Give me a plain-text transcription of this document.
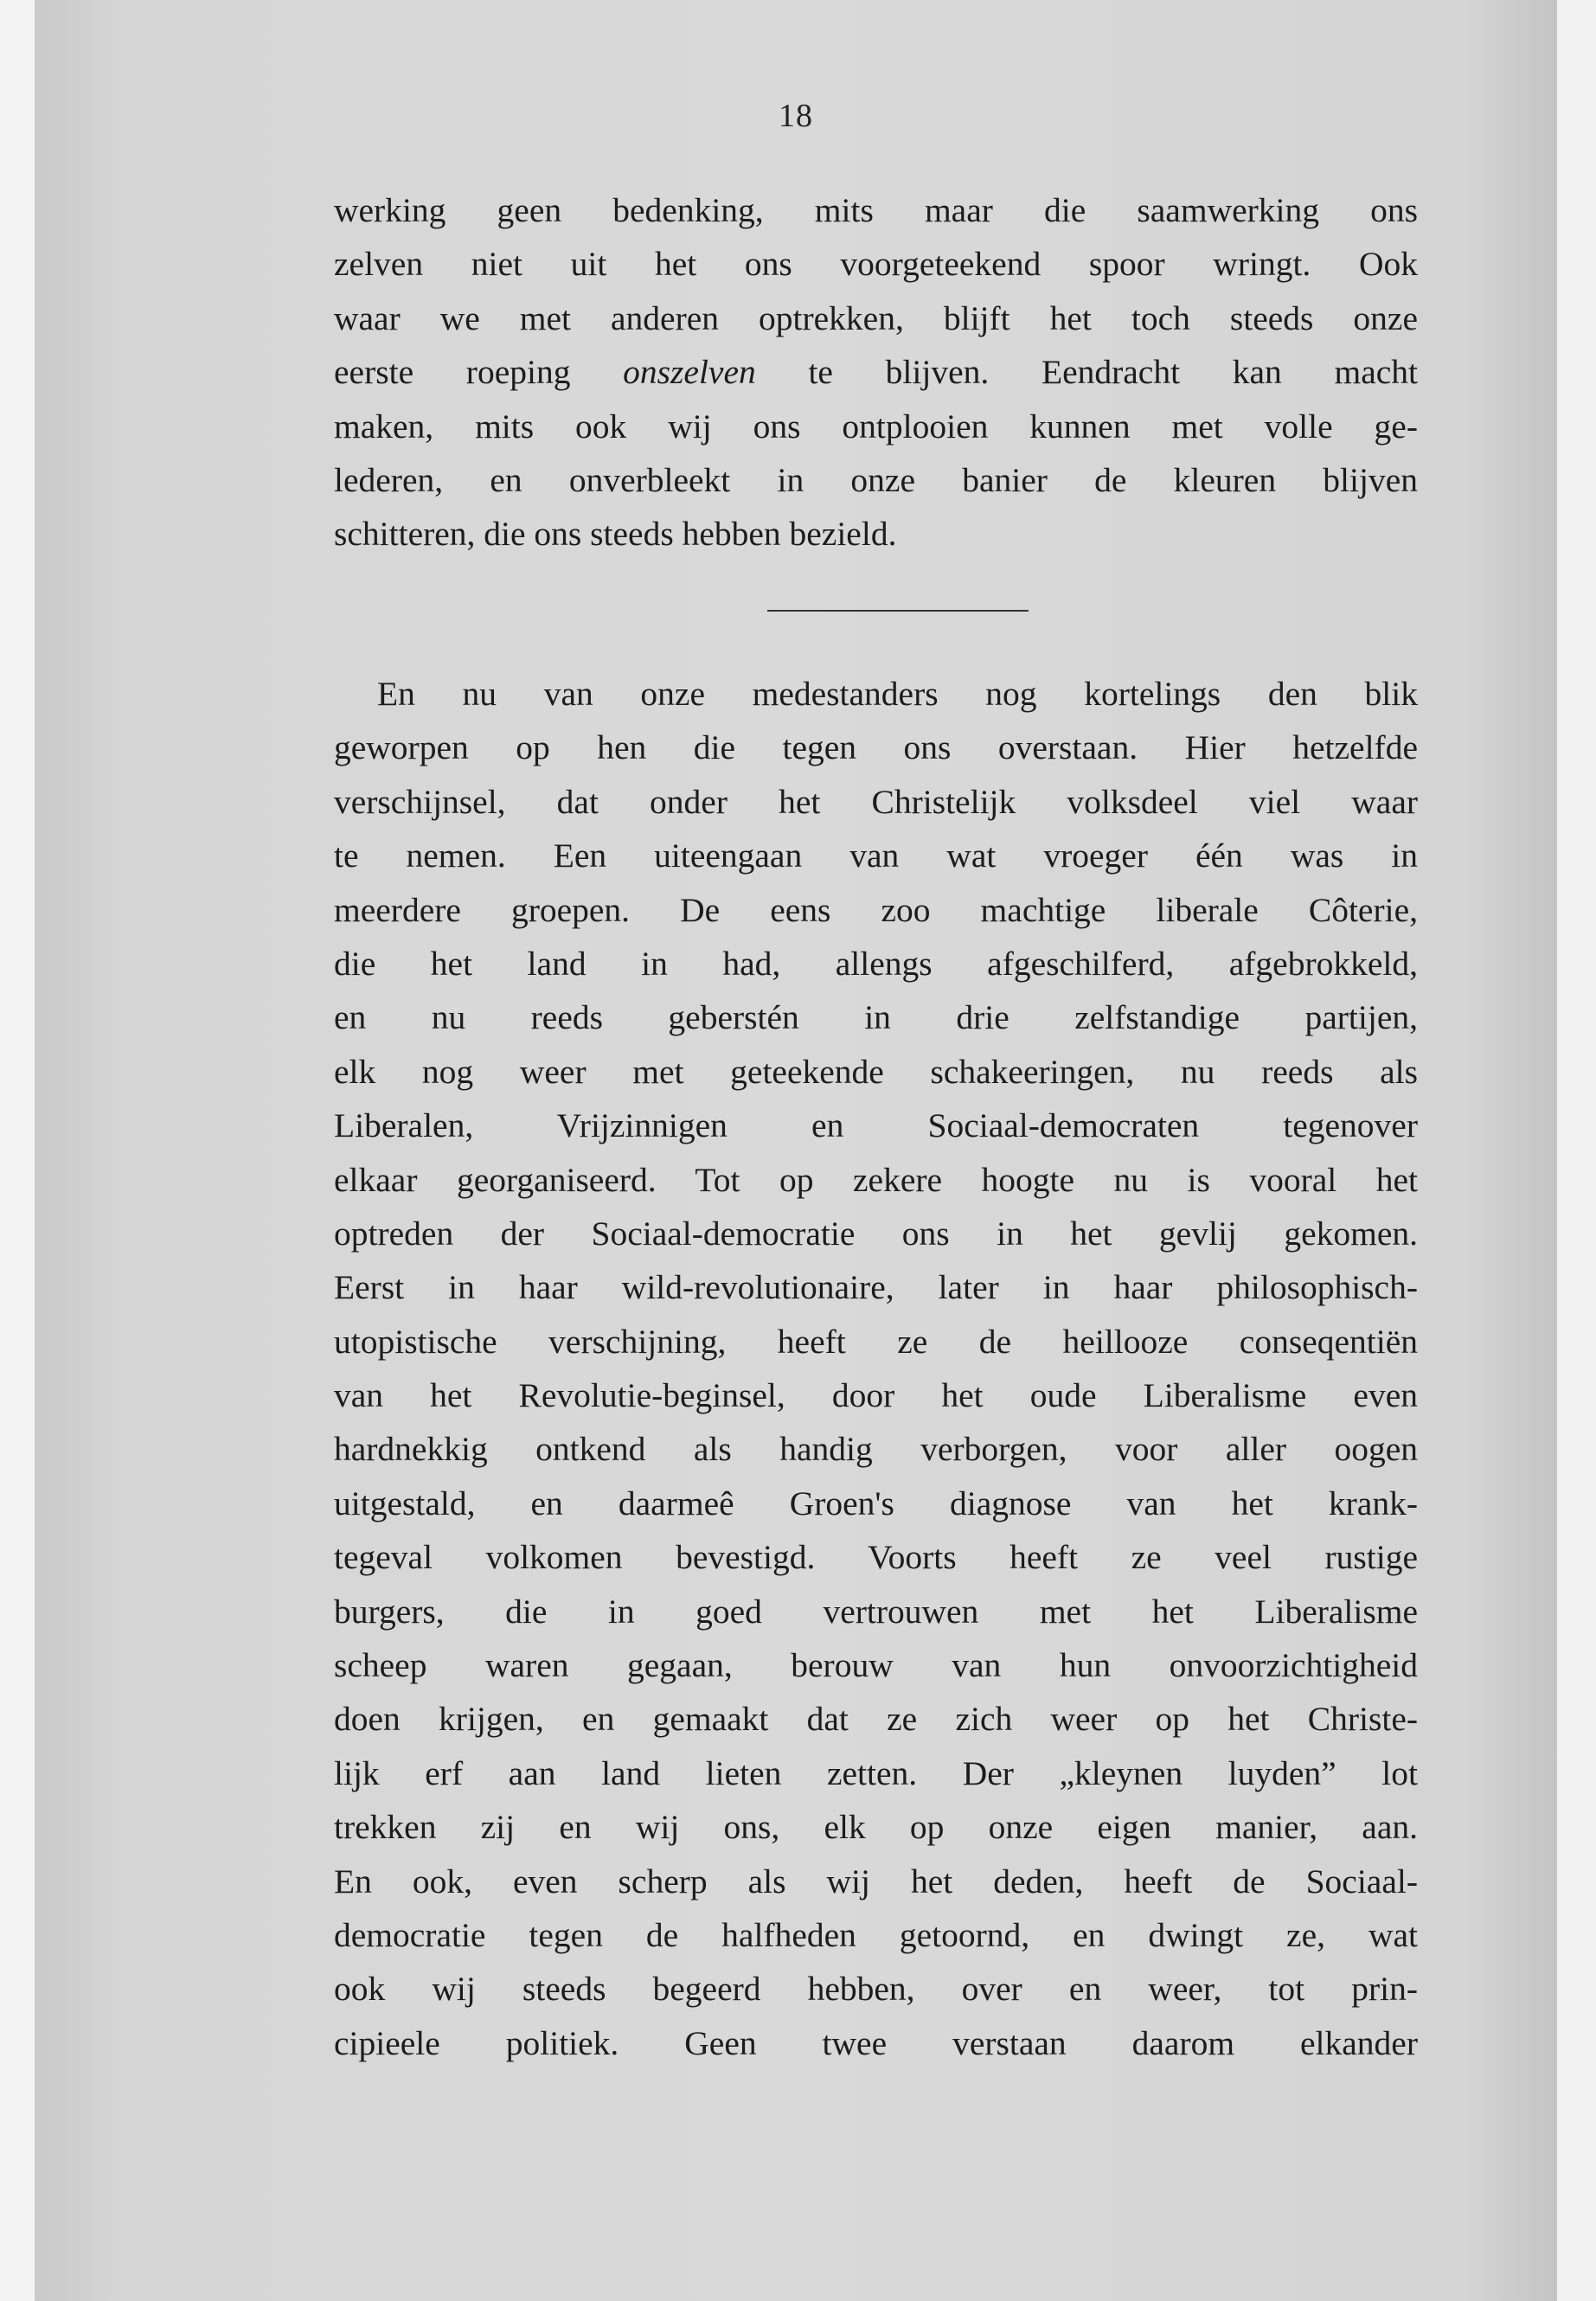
18
werking geen bedenking, mits maar die saamwerking ons
zelven niet uit het ons voorgeteekend spoor wringt. Ook
waar we met anderen optrekken, blijft het toch steeds onze
eerste roeping onszelven te blijven. Eendracht kan macht
maken, mits ook wij ons ontplooien kunnen met volle ge-
lederen, en onverbleekt in onze banier de kleuren blijven
schitteren, die ons steeds hebben bezield.
En nu van onze medestanders nog kortelings den blik
geworpen op hen die tegen ons overstaan. Hier hetzelfde
verschijnsel, dat onder het Christelijk volksdeel viel waar
te nemen. Een uiteengaan van wat vroeger één was in
meerdere groepen. De eens zoo machtige liberale Côterie,
die het land in had, allengs afgeschilferd, afgebrokkeld,
en nu reeds geberstén in drie zelfstandige partijen,
elk nog weer met geteekende schakeeringen, nu reeds als
Liberalen, Vrijzinnigen en Sociaal-democraten tegenover
elkaar georganiseerd. Tot op zekere hoogte nu is vooral het
optreden der Sociaal-democratie ons in het gevlij gekomen.
Eerst in haar wild-revolutionaire, later in haar philosophisch-
utopistische verschijning, heeft ze de heillooze conseqentiën
van het Revolutie-beginsel, door het oude Liberalisme even
hardnekkig ontkend als handig verborgen, voor aller oogen
uitgestald, en daarmeê Groen's diagnose van het krank-
tegeval volkomen bevestigd. Voorts heeft ze veel rustige
burgers, die in goed vertrouwen met het Liberalisme
scheep waren gegaan, berouw van hun onvoorzichtigheid
doen krijgen, en gemaakt dat ze zich weer op het Christe-
lijk erf aan land lieten zetten. Der „kleynen luyden” lot
trekken zij en wij ons, elk op onze eigen manier, aan.
En ook, even scherp als wij het deden, heeft de Sociaal-
democratie tegen de halfheden getoornd, en dwingt ze, wat
ook wij steeds begeerd hebben, over en weer, tot prin-
cipieele politiek. Geen twee verstaan daarom elkander
